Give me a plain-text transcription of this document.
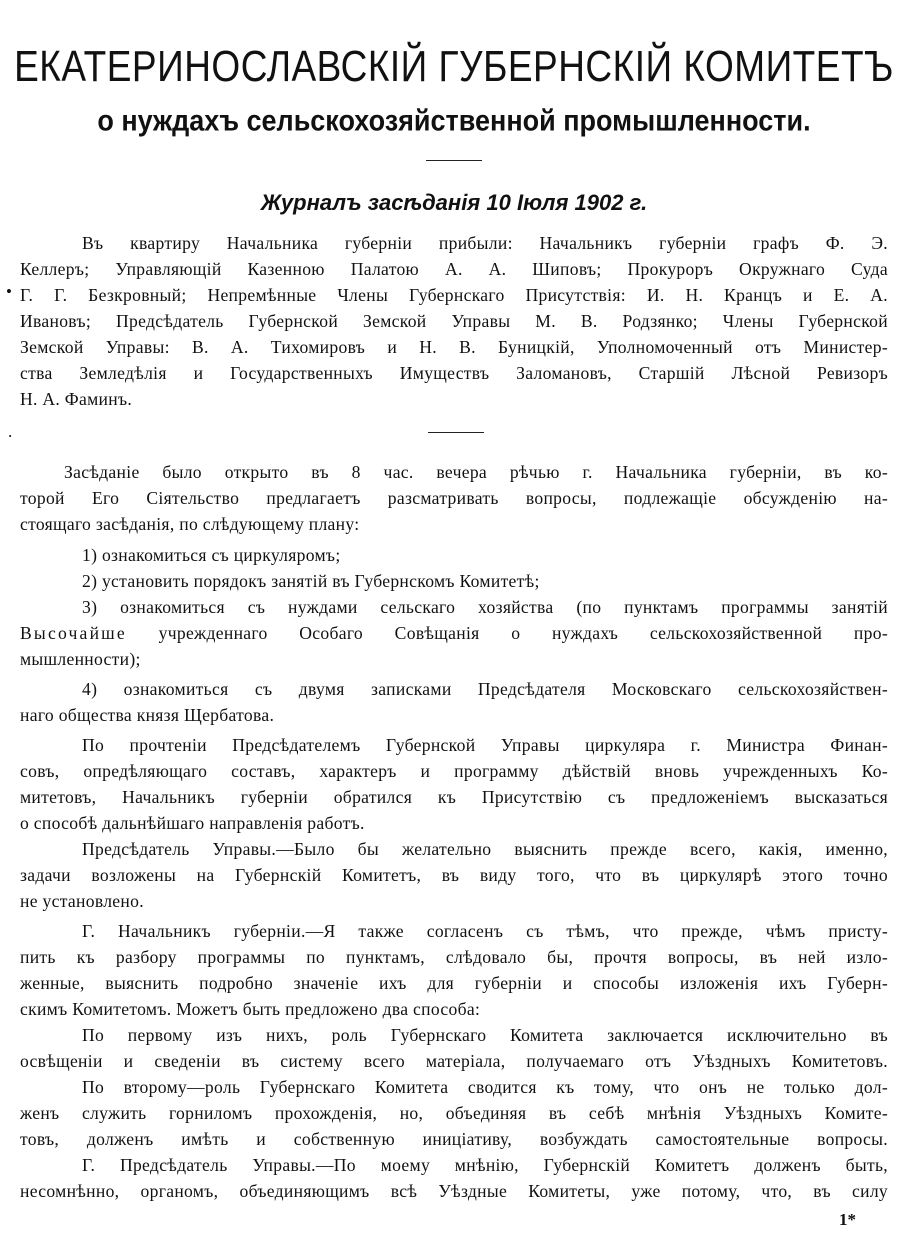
ЕКАТЕРИНОСЛАВСКІЙ ГУБЕРНСКІЙ КОМИТЕТЪ
о нуждахъ сельскохозяйственной промышленности.
Журналъ засѣданія 10 Іюля 1902 г.
Въ квартиру Начальника губерніи прибыли: Начальникъ губерніи графъ Ф. Э.
Келлеръ; Управляющій Казенною Палатою А. А. Шиповъ; Прокуроръ Окружнаго Суда
Г. Г. Безкровный; Непремѣнные Члены Губернскаго Присутствія: И. Н. Кранцъ и Е. А.
Ивановъ; Предсѣдатель Губернской Земской Управы М. В. Родзянко; Члены Губернской
Земской Управы: В. А. Тихомировъ и Н. В. Буницкій, Уполномоченный отъ Министер-
ства Земледѣлія и Государственныхъ Имуществъ Заломановъ, Старшій Лѣсной Ревизоръ
Н. А. Фаминъ.
•
.
Засѣданіе было открыто въ 8 час. вечера рѣчью г. Начальника губерніи, въ ко-
торой Его Сіятельство предлагаетъ разсматривать вопросы, подлежащіе обсужденію на-
стоящаго засѣданія, по слѣдующему плану:
1) ознакомиться съ циркуляромъ;
2) установить порядокъ занятій въ Губернскомъ Комитетѣ;
3) ознакомиться съ нуждами сельскаго хозяйства (по пунктамъ программы занятій
Высочайше учрежденнаго Особаго Совѣщанія о нуждахъ сельскохозяйственной про-
мышленности);
4) ознакомиться съ двумя записками Предсѣдателя Московскаго сельскохозяйствен-
наго общества князя Щербатова.
По прочтеніи Предсѣдателемъ Губернской Управы циркуляра г. Министра Финан-
совъ, опредѣляющаго составъ, характеръ и программу дѣйствій вновь учрежденныхъ Ко-
митетовъ, Начальникъ губерніи обратился къ Присутствію съ предложеніемъ высказаться
о способѣ дальнѣйшаго направленія работъ.
Предсѣдатель Управы.—Было бы желательно выяснить прежде всего, какія, именно,
задачи возложены на Губернскій Комитетъ, въ виду того, что въ циркулярѣ этого точно
не установлено.
Г. Начальникъ губерніи.—Я также согласенъ съ тѣмъ, что прежде, чѣмъ присту-
пить къ разбору программы по пунктамъ, слѣдовало бы, прочтя вопросы, въ ней изло-
женные, выяснить подробно значеніе ихъ для губерніи и способы изложенія ихъ Губерн-
скимъ Комитетомъ. Можетъ быть предложено два способа:
По первому изъ нихъ, роль Губернскаго Комитета заключается исключительно въ
освѣщеніи и сведеніи въ систему всего матеріала, получаемаго отъ Уѣздныхъ Комитетовъ.
По второму—роль Губернскаго Комитета сводится къ тому, что онъ не только дол-
женъ служить горниломъ прохожденія, но, объединяя въ себѣ мнѣнія Уѣздныхъ Комите-
товъ, долженъ имѣть и собственную иниціативу, возбуждать самостоятельные вопросы.
Г. Предсѣдатель Управы.—По моему мнѣнію, Губернскій Комитетъ долженъ быть,
несомнѣнно, органомъ, объединяющимъ всѣ Уѣздные Комитеты, уже потому, что, въ силу
1*
